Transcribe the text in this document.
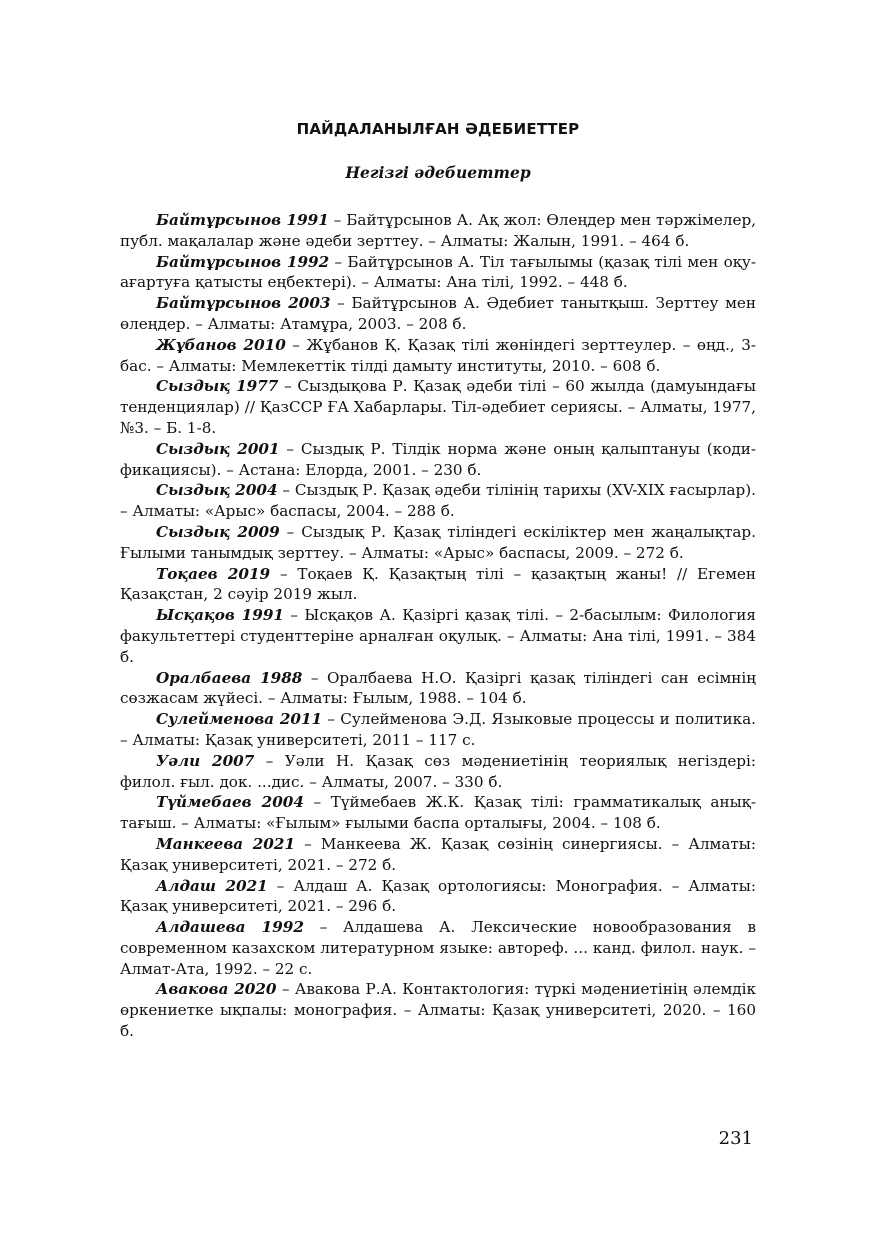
ПАЙДАЛАНЫЛҒАН ӘДЕБИЕТТЕР
Негізгі әдебиеттер

Байтұрсынов 1991 – Байтұрсынов А. Ақ жол: Өлеңдер мен тәржімелер, публ. мақалалар және әдеби зерттеу. – Алматы: Жалын, 1991. – 464 б.

Байтұрсынов 1992 – Байтұрсынов А. Тіл тағылымы (қазақ тілі мен оқу-ағартуға қатысты еңбектері). – Алматы: Ана тілі, 1992. – 448 б.

Байтұрсынов 2003 – Байтұрсынов А. Әдебиет танытқыш. Зерттеу мен өлеңдер. – Алматы: Атамұра, 2003. – 208 б.

Жұбанов 2010 – Жұбанов Қ. Қазақ тілі жөніндегі зерттеулер. – өңд., 3-бас. – Алматы: Мемлекеттік тілді дамыту институты, 2010. – 608 б.

Сыздық 1977 – Сыздықова Р. Қазақ әдеби тілі – 60 жылда (дамуындағы тенденциялар) // ҚазССР ҒА Хабарлары. Тіл-әдебиет сериясы. – Алматы, 1977, №3. – Б. 1-8.

Сыздық 2001 – Сыздық Р. Тілдік норма және оның қалыптануы (кодификациясы). – Астана: Елорда, 2001. – 230 б.

Сыздық 2004 – Сыздық Р. Қазақ әдеби тілінің тарихы (XV-XIX ғасырлар). – Алматы: «Арыс» баспасы, 2004. – 288 б.

Сыздық 2009 – Сыздық Р. Қазақ тіліндегі ескіліктер мен жаңалықтар. Ғылыми танымдық зерттеу. – Алматы: «Арыс» баспасы, 2009. – 272 б.

Тоқаев 2019 – Тоқаев Қ. Қазақтың тілі – қазақтың жаны! // Егемен Қазақстан, 2 сәуір 2019 жыл.

Ысқақов 1991 – Ысқақов А. Қазіргі қазақ тілі. – 2-басылым: Филология факультеттері студенттеріне арналған оқулық. – Алматы: Ана тілі, 1991. – 384 б.

Оралбаева 1988 – Оралбаева Н.О. Қазіргі қазақ тіліндегі сан есімнің сөзжасам жүйесі. – Алматы: Ғылым, 1988. – 104 б.

Сулейменова 2011 – Сулейменова Э.Д. Языковые процессы и политика. – Алматы: Қазақ университеті, 2011 – 117 с.

Уәли 2007 – Уәли Н. Қазақ сөз мәдениетінің теориялық негіздері: филол. ғыл. док. ...дис. – Алматы, 2007. – 330 б.

Түймебаев 2004 – Түймебаев Ж.К. Қазақ тілі: грамматикалық анықтағыш. – Алматы: «Ғылым» ғылыми баспа орталығы, 2004. – 108 б.

Манкеева 2021 – Манкеева Ж. Қазақ сөзінің синергиясы. – Алматы: Қазақ университеті, 2021. – 272 б.

Алдаш 2021 – Алдаш А. Қазақ ортологиясы: Монография. – Алматы: Қазақ университеті, 2021. – 296 б.

Алдашева 1992 – Алдашева А. Лексические новообразования в современном казахском литературном языке: автореф. ... канд. филол. наук. – Алмат-Ата, 1992. – 22 с.

Авакова 2020 – Авакова Р.А. Контактология: түркі мәдениетінің әлемдік өркениетке ықпалы: монография. – Алматы: Қазақ университеті, 2020. – 160 б.

231
